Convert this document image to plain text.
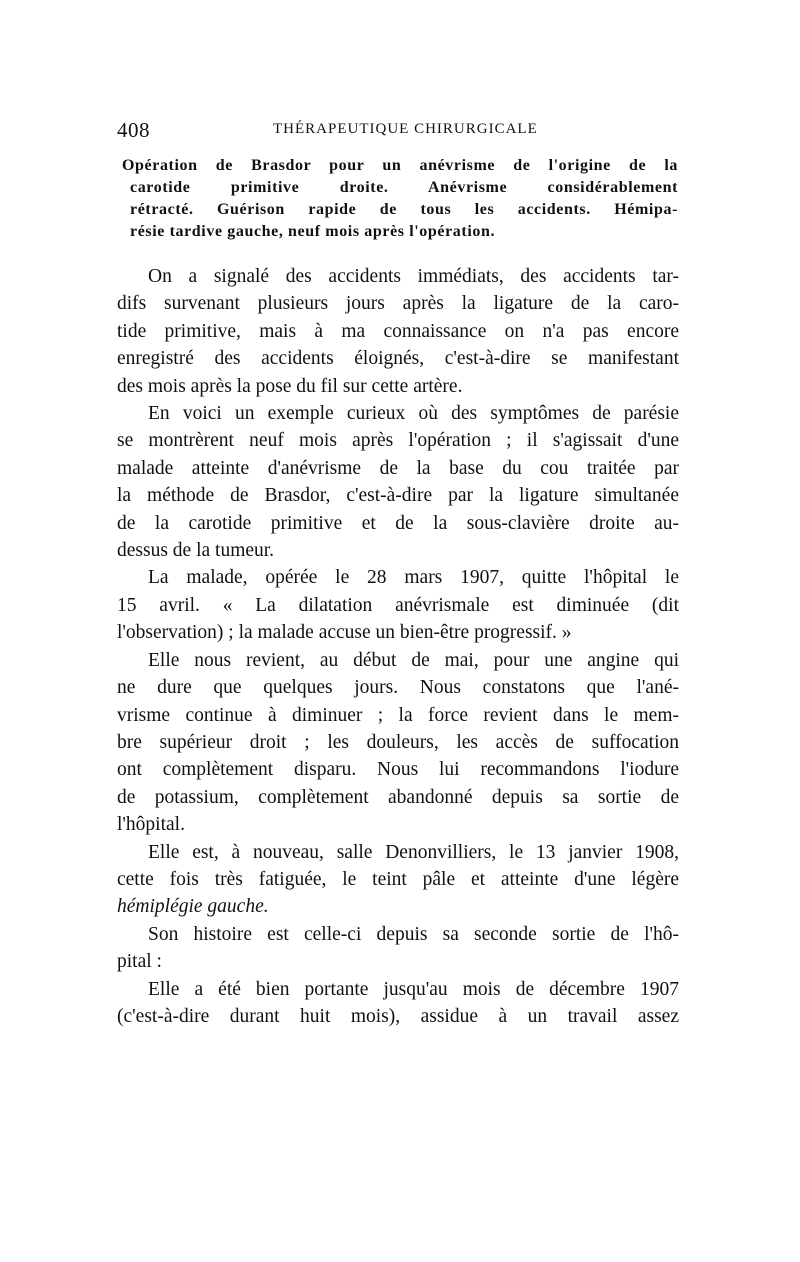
408	THÉRAPEUTIQUE CHIRURGICALE
Opération de Brasdor pour un anévrisme de l'origine de la
carotide primitive droite. Anévrisme considérablement
rétracté. Guérison rapide de tous les accidents. Hémipa-
résie tardive gauche, neuf mois après l'opération.
On a signalé des accidents immédiats, des accidents tar-
difs survenant plusieurs jours après la ligature de la caro-
tide primitive, mais à ma connaissance on n'a pas encore
enregistré des accidents éloignés, c'est-à-dire se manifestant
des mois après la pose du fil sur cette artère.
En voici un exemple curieux où des symptômes de parésie
se montrèrent neuf mois après l'opération ; il s'agissait d'une
malade atteinte d'anévrisme de la base du cou traitée par
la méthode de Brasdor, c'est-à-dire par la ligature simultanée
de la carotide primitive et de la sous-clavière droite au-
dessus de la tumeur.
La malade, opérée le 28 mars 1907, quitte l'hôpital le
15 avril. « La dilatation anévrismale est diminuée (dit
l'observation) ; la malade accuse un bien-être progressif. »
Elle nous revient, au début de mai, pour une angine qui
ne dure que quelques jours. Nous constatons que l'ané-
vrisme continue à diminuer ; la force revient dans le mem-
bre supérieur droit ; les douleurs, les accès de suffocation
ont complètement disparu. Nous lui recommandons l'iodure
de potassium, complètement abandonné depuis sa sortie de
l'hôpital.
Elle est, à nouveau, salle Denonvilliers, le 13 janvier 1908,
cette fois très fatiguée, le teint pâle et atteinte d'une légère
hémiplégie gauche.
Son histoire est celle-ci depuis sa seconde sortie de l'hô-
pital :
Elle a été bien portante jusqu'au mois de décembre 1907
(c'est-à-dire durant huit mois), assidue à un travail assez
